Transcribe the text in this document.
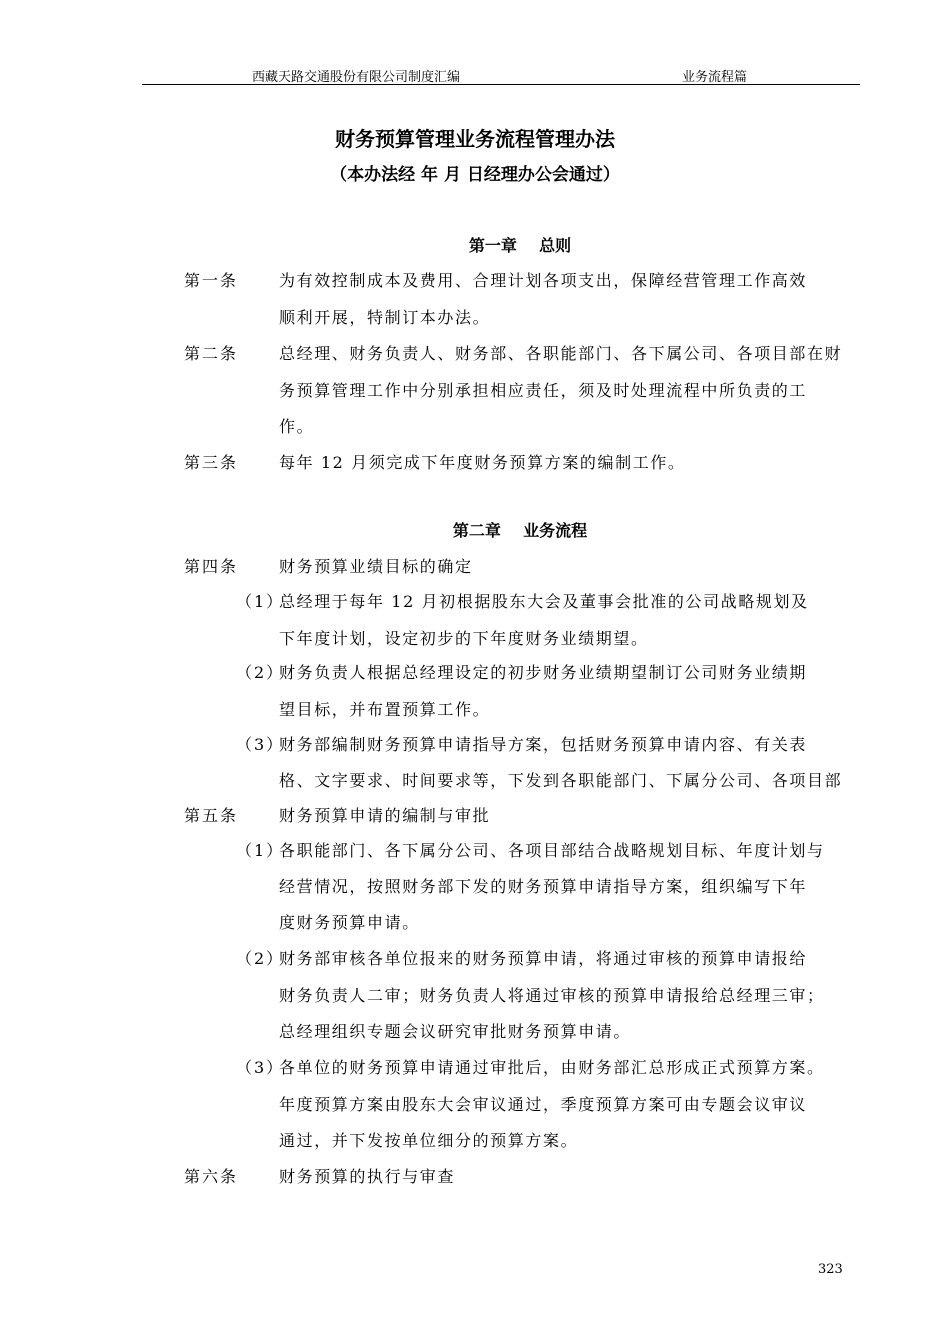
西藏天路交通股份有限公司制度汇编	业务流程篇
财务预算管理业务流程管理办法
（本办法经 年 月 日经理办公会通过）
第一章    总则
第一条	为有效控制成本及费用、合理计划各项支出，保障经营管理工作高效
顺利开展，特制订本办法。
第二条	总经理、财务负责人、财务部、各职能部门、各下属公司、各项目部在财
务预算管理工作中分别承担相应责任，须及时处理流程中所负责的工
作。
第三条	每年 12 月须完成下年度财务预算方案的编制工作。
第二章    业务流程
第四条	财务预算业绩目标的确定
（1）
总经理于每年 12 月初根据股东大会及董事会批准的公司战略规划及
下年度计划，设定初步的下年度财务业绩期望。
（2）
财务负责人根据总经理设定的初步财务业绩期望制订公司财务业绩期
望目标，并布置预算工作。
（3）
财务部编制财务预算申请指导方案，包括财务预算申请内容、有关表
格、文字要求、时间要求等，下发到各职能部门、下属分公司、各项目部
第五条	财务预算申请的编制与审批
（1）
各职能部门、各下属分公司、各项目部结合战略规划目标、年度计划与
经营情况，按照财务部下发的财务预算申请指导方案，组织编写下年
度财务预算申请。
（2）
财务部审核各单位报来的财务预算申请，将通过审核的预算申请报给
财务负责人二审；财务负责人将通过审核的预算申请报给总经理三审；
总经理组织专题会议研究审批财务预算申请。
（3）
各单位的财务预算申请通过审批后，由财务部汇总形成正式预算方案。
年度预算方案由股东大会审议通过，季度预算方案可由专题会议审议
通过，并下发按单位细分的预算方案。
第六条	财务预算的执行与审查
323
